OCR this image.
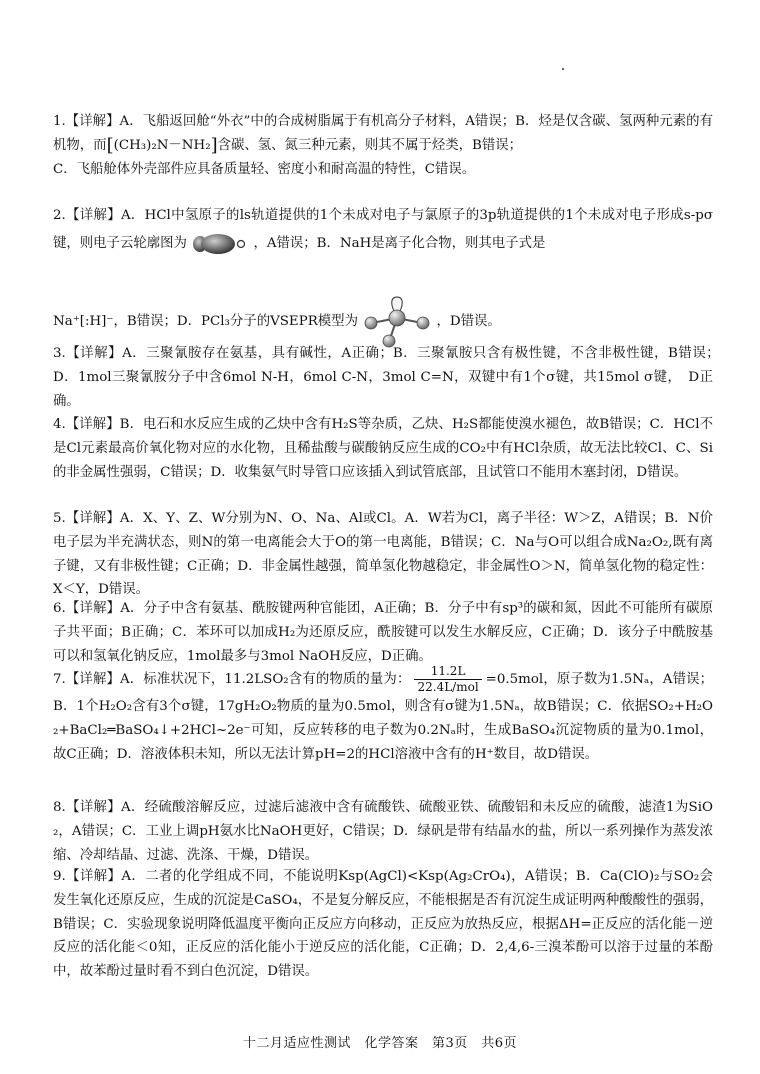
1.【详解】A．飞船返回舱“外衣”中的合成树脂属于有机高分子材料，A错误；B．烃是仅含碳、氢两种元素的有机物，而[(CH₃)₂N－NH₂]含碳、氢、氮三种元素，则其不属于烃类，B错误；
C．飞船舱体外壳部件应具备质量轻、密度小和耐高温的特性，C错误。

2.【详解】A．HCl中氢原子的ls轨道提供的1个未成对电子与氯原子的3p轨道提供的1个未成对电子形成s-pσ键，则电子云轮廓图为	，A错误；B．NaH是离子化合物，则其电子式是

Na⁺[:H]⁻，B错误；D．PCl₃分子的VSEPR模型为	，D错误。

3.【详解】A．三聚氰胺存在氨基，具有碱性，A正确；B．三聚氰胺只含有极性键，不含非极性键，B错误；　D．1mol三聚氰胺分子中含6mol N-H，6mol C-N，3mol C=N，双键中有1个σ键，共15mol σ键，　D正确。

4.【详解】B．电石和水反应生成的乙炔中含有H₂S等杂质，乙炔、H₂S都能使溴水褪色，故B错误；C．HCl不是Cl元素最高价氧化物对应的水化物，且稀盐酸与碳酸钠反应生成的CO₂中有HCl杂质，故无法比较Cl、C、Si的非金属性强弱，C错误；D．收集氨气时导管口应该插入到试管底部，且试管口不能用木塞封闭，D错误。

5.【详解】A．X、Y、Z、W分别为N、O、Na、Al或Cl。A．W若为Cl，离子半径：W＞Z，A错误；B．N价电子层为半充满状态，则N的第一电离能会大于O的第一电离能，B错误；C．Na与O可以组合成Na₂O₂,既有离子键，又有非极性键；C正确；D．非金属性越强，简单氢化物越稳定，非金属性O＞N，简单氢化物的稳定性：X＜Y，D错误。

6.【详解】A．分子中含有氨基、酰胺键两种官能团，A正确；B．分子中有sp³的碳和氮，因此不可能所有碳原子共平面；B正确；C．苯环可以加成H₂为还原反应，酰胺键可以发生水解反应，C正确；D．该分子中酰胺基可以和氢氧化钠反应，1mol最多与3mol NaOH反应，D正确。

7.【详解】A．标准状况下，11.2LSO₂含有的物质的量为： $\frac{11.2L}{\text{22.4L/mol}} =0.5mol$，原子数为1.5Nₐ，A错误；B．1个H₂O₂含有3个σ键，17gH₂O₂物质的量为0.5mol，则含有σ键为1.5Nₐ，故B错误；C．依据SO₂+H₂O₂+BaCl₂═BaSO₄↓+2HCl~2e⁻可知，反应转移的电子数为0.2Nₐ时，生成BaSO₄沉淀物质的量为0.1mol，故C正确；D．溶液体积未知，所以无法计算pH=2的HCl溶液中含有的H⁺数目，故D错误。

8.【详解】A．经硫酸溶解反应，过滤后滤液中含有硫酸铁、硫酸亚铁、硫酸铝和未反应的硫酸，滤渣1为SiO₂，A错误；C．工业上调pH氨水比NaOH更好，C错误；D．绿矾是带有结晶水的盐，所以一系列操作为蒸发浓缩、冷却结晶、过滤、洗涤、干燥，D错误。

9.【详解】A．二者的化学组成不同，不能说明Ksp(AgCl)<Ksp(Ag₂CrO₄)，A错误；B．Ca(ClO)₂与SO₂会发生氧化还原反应，生成的沉淀是CaSO₄，不是复分解反应，不能根据是否有沉淀生成证明两种酸酸性的强弱，B错误；C．实验现象说明降低温度平衡向正反应方向移动，正反应为放热反应，根据ΔH=正反应的活化能－逆反应的活化能＜0知，正反应的活化能小于逆反应的活化能，C正确；D．2,4,6-三溴苯酚可以溶于过量的苯酚中，故苯酚过量时看不到白色沉淀，D错误。

十二月适应性测试　化学答案　第3页　共6页
